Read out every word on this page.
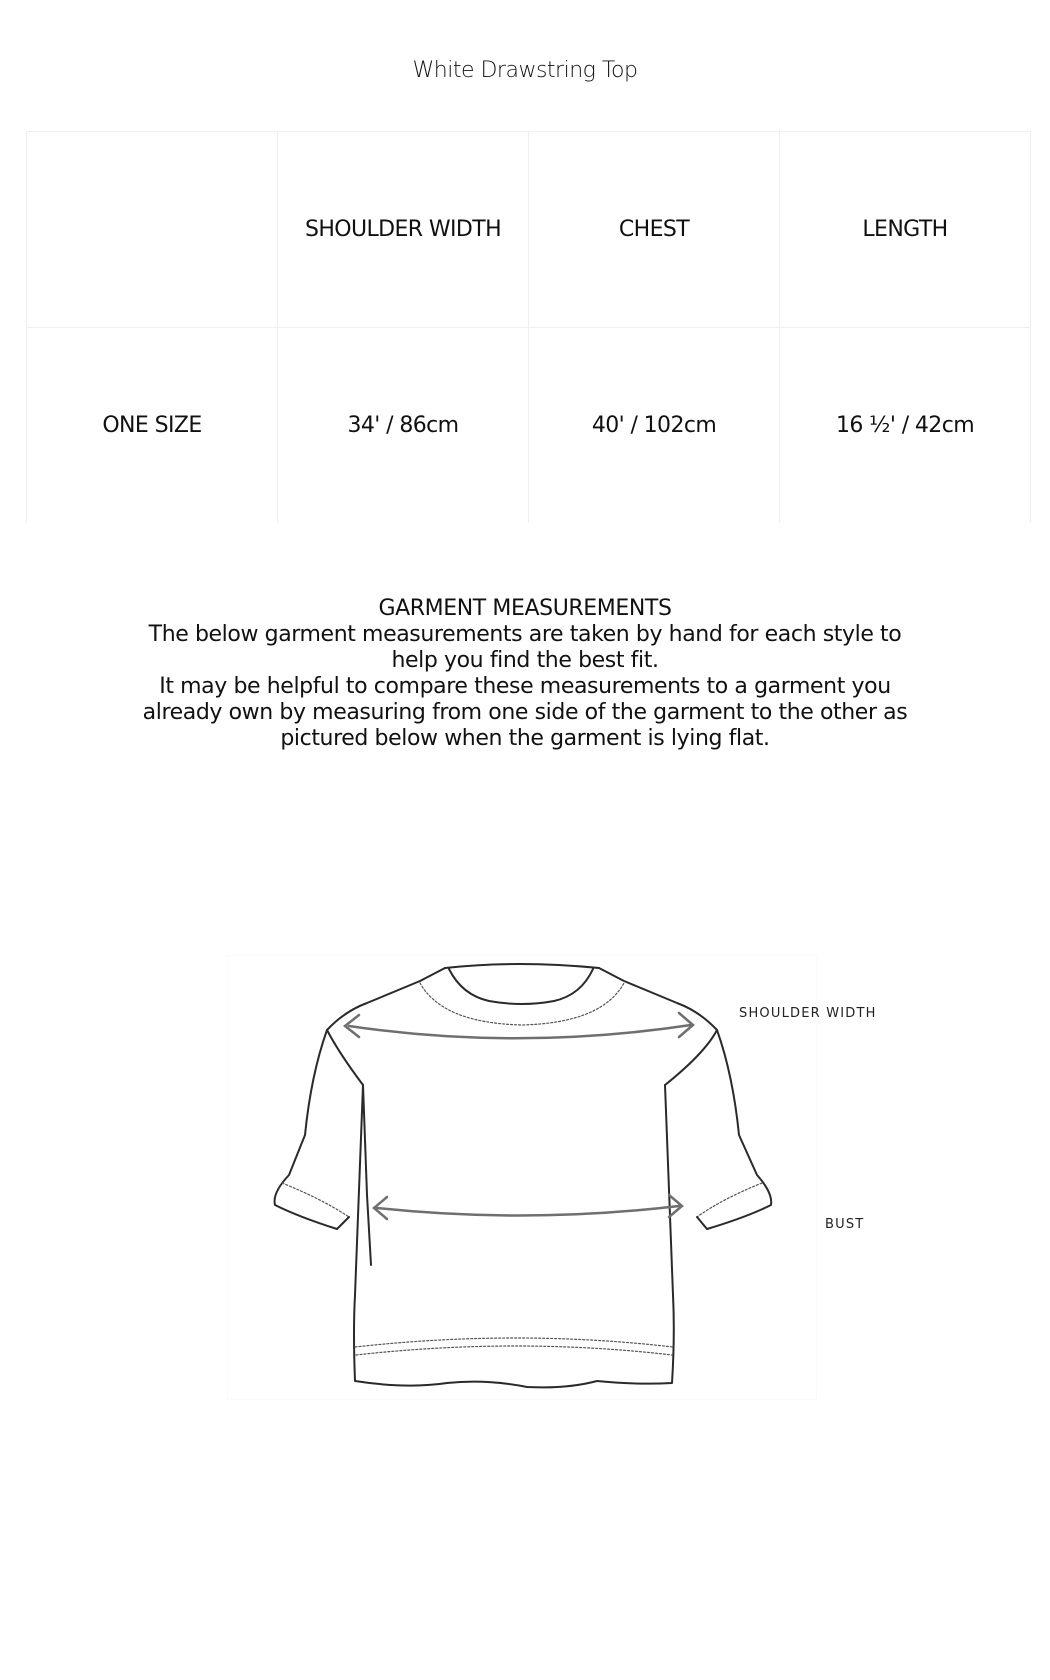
White Drawstring Top
	SHOULDER WIDTH	CHEST	LENGTH
ONE SIZE	34' / 86cm	40' / 102cm	16 ½' / 42cm

GARMENT MEASUREMENTS

The below garment measurements are taken by hand for each style to help you find the best fit.

It may be helpful to compare these measurements to a garment you already own by measuring from one side of the garment to the other as pictured below when the garment is lying flat.

SHOULDER WIDTH
BUST
